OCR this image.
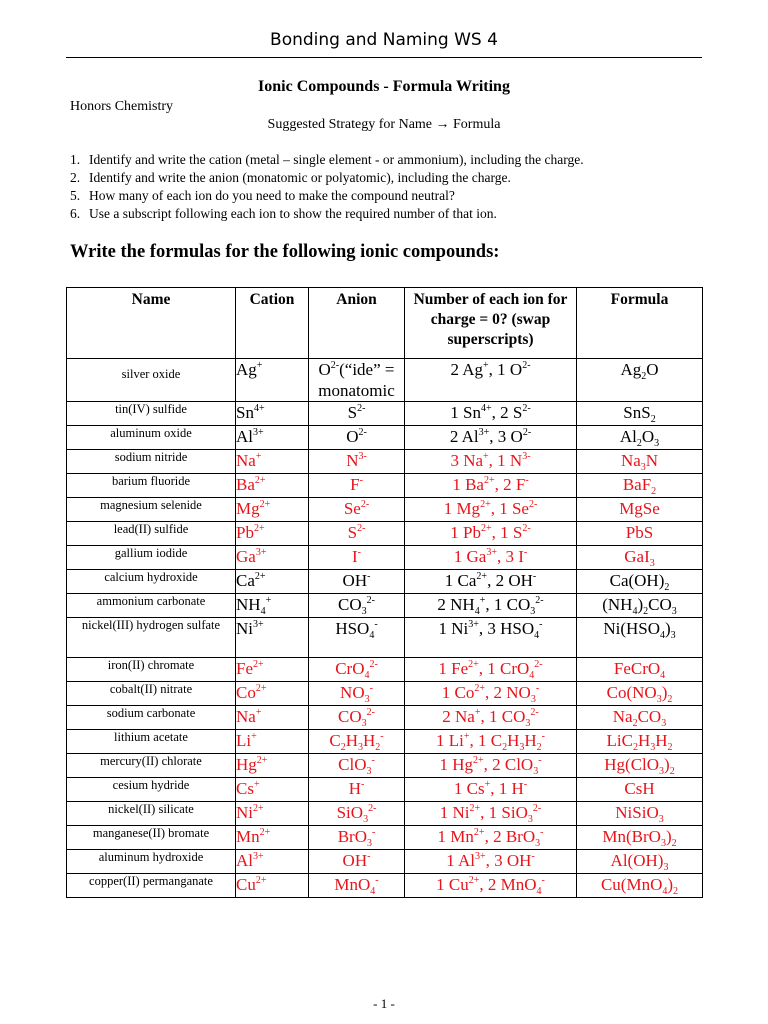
Bonding and Naming WS 4
Ionic Compounds - Formula Writing
Honors Chemistry
Suggested Strategy for Name → Formula
1. Identify and write the cation (metal – single element - or ammonium), including the charge.
2. Identify and write the anion (monatomic or polyatomic), including the charge.
5. How many of each ion do you need to make the compound neutral?
6. Use a subscript following each ion to show the required number of that ion.
Write the formulas for the following ionic compounds:
Name	Cation	Anion	Number of each ion for charge = 0? (swap superscripts)	Formula
silver oxide	Ag+	$O^{2-}(“ide$” = monatomic	2 Ag+, 1 $O^{2-}$	$Ag_2O$
tin(IV) sulfide	$Sn^{4+}$	$S^{2-}$	1 $Sn^{4+}$, 2 $S^{2-}$	SnS$_2$
aluminum oxide	$Al^{3+}$	$O^{2-}$	2 $Al^{3+}$, 3 $O^{2-}$	$Al_2O_3$
sodium nitride	Na+	$N^{3-}$	3 Na+, 1 $N^{3-}$	$Na_3N$
barium fluoride	$Ba^{2+}$	F-	1 $Ba^{2+}$, 2 F-	BaF$_2$
magnesium selenide	$Mg^{2+}$	$Se^{2-}$	1 $Mg^{2+}$, 1 $Se^{2-}$	MgSe
lead(II) sulfide	$Pb^{2+}$	$S^{2-}$	1 $Pb^{2+}$, 1 $S^{2-}$	PbS
gallium iodide	$Ga^{3+}$	I-	1 $Ga^{3+}$, 3 I-	GaI$_3$
calcium hydroxide	$Ca^{2+}$	OH-	1 $Ca^{2+}$, 2 OH-	$Ca(OH)_2$
ammonium carbonate	$NH_4^+$	$CO_3^{2-}$	2 $NH_4^+$, 1 $CO_3^{2-}$	$(NH_4)_2CO_3$
nickel(III) hydrogen sulfate	$Ni^{3+}$	$HSO_4^-$	1 $Ni^{3+}$, 3 $HSO_4^-$	$Ni(HSO_4)_3$
iron(II) chromate	$Fe^{2+}$	CrO$_4^{2-}$	1 $Fe^{2+}$, 1 CrO$_4^{2-}$	FeCrO$_4$
cobalt(II) nitrate	$Co^{2+}$	$NO_3^-$	1 $Co^{2+}$, 2 $NO_3^-$	$Co(NO_3)_2$
sodium carbonate	Na+	$CO_3^{2-}$	2 Na+, 1 $CO_3^{2-}$	$Na_2CO_3$
lithium acetate	Li+	$C_2H_3H_2^-$	1 Li+, 1 $C_2H_3H_2^-$	$LiC_2H_3H_2$
mercury(II) chlorate	$Hg^{2+}$	ClO$_3$-	1 $Hg^{2+}$, 2 ClO$_3$-	$Hg(ClO_3)_2$
cesium hydride	Cs+	H-	1 Cs+, 1 H-	CsH
nickel(II) silicate	$Ni^{2+}$	SiO$_3^{2-}$	1 $Ni^{2+}$, 1 SiO$_3^{2-}$	NiSiO$_3$
manganese(II) bromate	$Mn^{2+}$	BrO$_3$-	1 $Mn^{2+}$, 2 BrO$_3$-	$Mn(BrO_3)_2$
aluminum hydroxide	$Al^{3+}$	OH-	1 $Al^{3+}$, 3 OH-	$Al(OH)_3$
copper(II) permanganate	$Cu^{2+}$	MnO$_4$-	1 $Cu^{2+}$, 2 MnO$_4$-	$Cu(MnO_4)_2$
- 1 -
